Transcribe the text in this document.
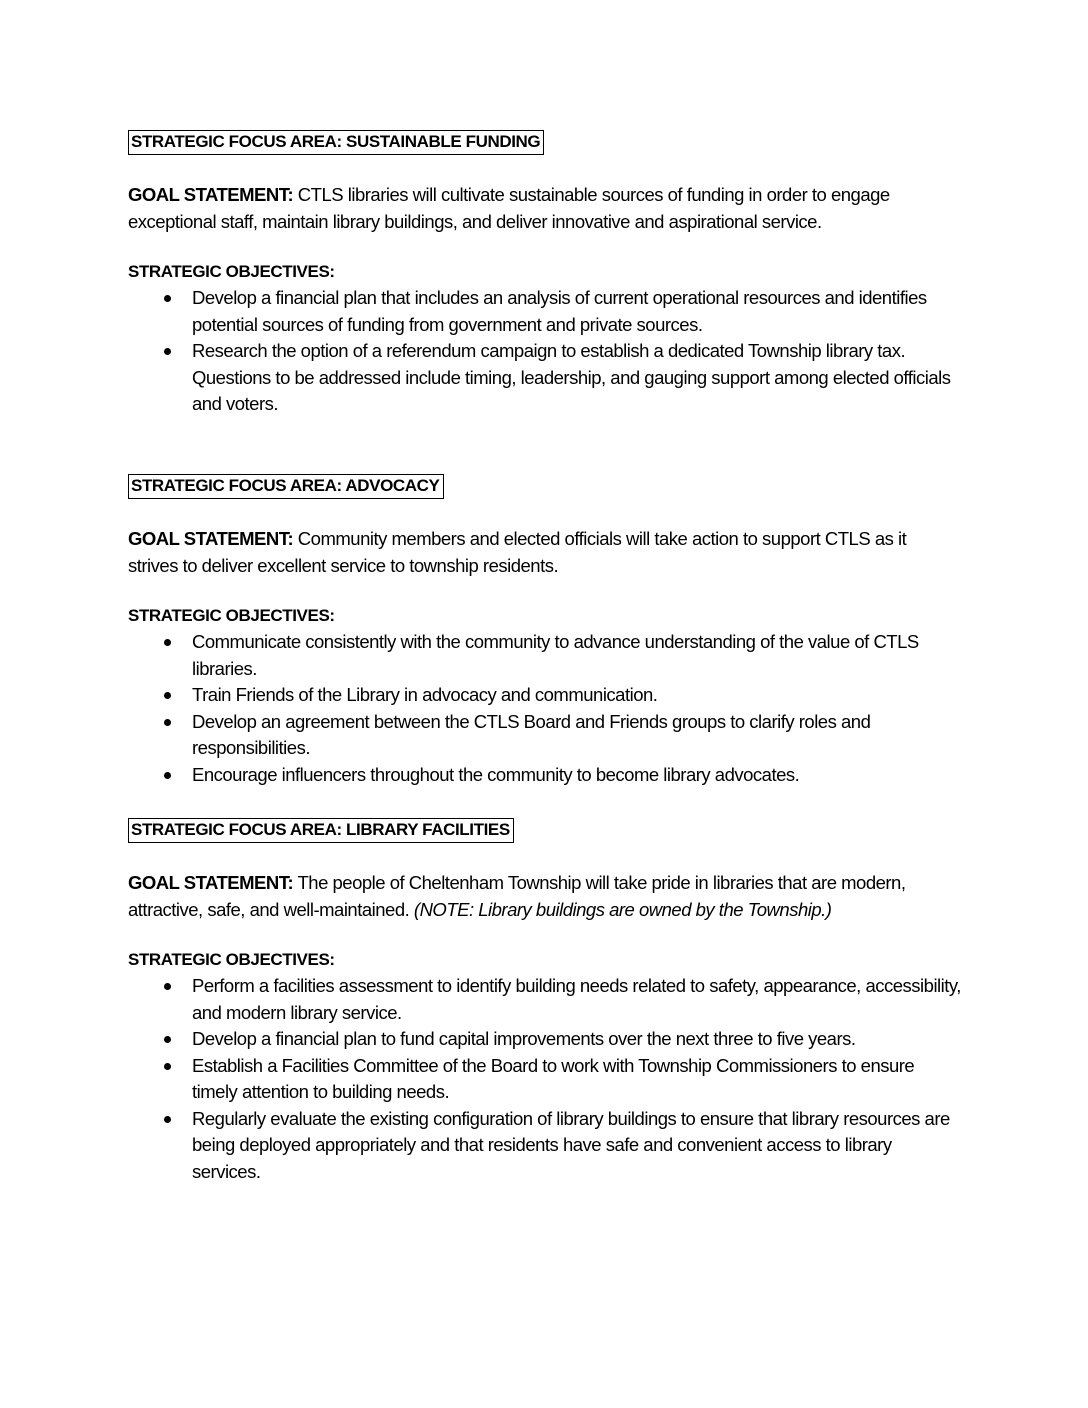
STRATEGIC FOCUS AREA: SUSTAINABLE FUNDING
GOAL STATEMENT: CTLS libraries will cultivate sustainable sources of funding in order to engage exceptional staff, maintain library buildings, and deliver innovative and aspirational service.
STRATEGIC OBJECTIVES:
Develop a financial plan that includes an analysis of current operational resources and identifies potential sources of funding from government and private sources.
Research the option of a referendum campaign to establish a dedicated Township library tax. Questions to be addressed include timing, leadership, and gauging support among elected officials and voters.
STRATEGIC FOCUS AREA: ADVOCACY
GOAL STATEMENT: Community members and elected officials will take action to support CTLS as it strives to deliver excellent service to township residents.
STRATEGIC OBJECTIVES:
Communicate consistently with the community to advance understanding of the value of CTLS libraries.
Train Friends of the Library in advocacy and communication.
Develop an agreement between the CTLS Board and Friends groups to clarify roles and responsibilities.
Encourage influencers throughout the community to become library advocates.
STRATEGIC FOCUS AREA: LIBRARY FACILITIES
GOAL STATEMENT: The people of Cheltenham Township will take pride in libraries that are modern, attractive, safe, and well-maintained. (NOTE: Library buildings are owned by the Township.)
STRATEGIC OBJECTIVES:
Perform a facilities assessment to identify building needs related to safety, appearance, accessibility, and modern library service.
Develop a financial plan to fund capital improvements over the next three to five years.
Establish a Facilities Committee of the Board to work with Township Commissioners to ensure timely attention to building needs.
Regularly evaluate the existing configuration of library buildings to ensure that library resources are being deployed appropriately and that residents have safe and convenient access to library services.
